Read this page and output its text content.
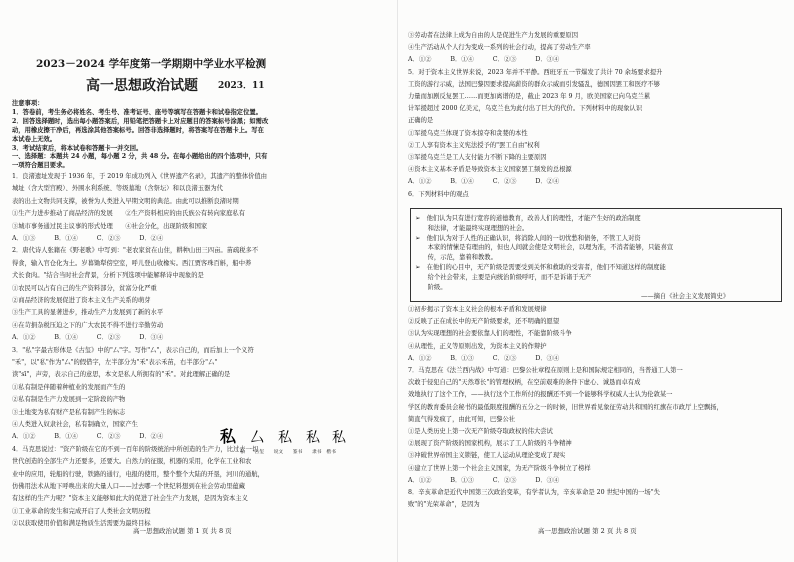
2023－2024 学年度第一学期期中学业水平检测
高一思想政治试题 2023．11
注意事项：
1．答卷前，考生务必将姓名、考生号、准考证号、座号等填写在答题卡和试卷指定位置。
2．回答选择题时，选出每小题答案后，用铅笔把答题卡上对应题目的答案标号涂黑；如需改
动，用橡皮擦干净后，再选涂其他答案标号。回答非选择题时，将答案写在答题卡上。写在
本试卷上无效。
3．考试结束后，将本试卷和答题卡一并交回。
一、选择题：本题共 24 小题，每小题 2 分，共 48 分。在每小题给出的四个选项中，只有
一项符合题目要求。
1．良渚遗址发现于 1936 年，于 2019 年成功列入《世界遗产名录》，其遗产的整体价值由
城址（含大型宫殿）、外围水利系统、等级墓地（含祭坛）和以良渚玉器为代
表的出土文物共同支撑，被誉为人类进入早期文明的典范。由此可以推断良渚时期
①生产力进步推动了商品经济的发展　　②生产资料相应的由氏族公有转向家庭私有
③城市事务通过民主议事的形式处理　　④社会分化，出现阶级和国家
A．①③　　　B．①④　　　C．②③　　　D．②④
2．唐代诗人张籍在《野老歌》中写到："老农家贫在山住，耕种山田三四亩。苗疏税多不
得食，输入官仓化为土。岁暮锄犁傍空室，呼儿登山收橡实。西江贾客珠百斛，船中养
犬长食肉。"结合当时社会背景，分析下列选项中能解释诗中现象的是
①农民可以占有自己的生产资料部分，贫富分化严重
②商品经济的发展促进了资本主义生产关系的萌芽
③生产工具的显著进步，推动生产力发展到了新的水平
④在苛捐杂税压迫之下的广大农民不得不进行辛勤劳动
A．①②　　　B．①④　　　C．②③　　　D．③④
3．"私"字最古形体是《古玺》中的"厶"字。写作"厶"，表示自己的，而后加上一个义符
"禾"，以"私"作为"厶"的假借字，左半部分为"禾"表示禾苗，右半部分"厶"
读"sī"，声旁，表示自己的意思，本文是私人所拥有的"禾"。对此理解正确的是
①私有制是伴随着种植业的发展而产生的
②私有制是生产力发展到一定阶段的产物
③土地变为私有财产是私有制产生的标志
④人类进入奴隶社会，私有制确立，国家产生
A．①②　　　B．①④　　　C．②③　　　D．②④
4．马克思说过："资产阶级在它的不到一百年的阶级统治中所创造的生产力，比过去一切
世代创造的全部生产力还要多，还要大。自然力的征服，机器的采用，化学在工业和农
业中的应用，轮船的行驶，铁路的通行，电报的使用，整个整个大陆的开垦，河川的通航，
仿佛用法术从地下呼唤出来的大量人口——过去哪一个世纪料想到在社会劳动里蕴藏
有这样的生产力呢？"资本主义能够如此大的促进了社会生产力发展，是因为资本主义
①工业革命的发生和完成开启了人类社会文明历程
②以获取使用价值和满足物质生活需要为最终目标
私 厶 私 私 私
私　　古玺　　说文　　篆书　　隶书　楷书
高一思想政治试题 第 1 页 共 8 页
③劳动者在法律上成为自由的人是促进生产力发展的重要原因
④生产活动从个人行为变成一系列的社会行动，提高了劳动生产率
A．①②　　　B．①④　　　C．②③　　　D．③④
5．对于资本主义世界来说，2023 年并不平静。西班牙五一节爆发了共计 70 余场要求提升
工资的游行示威，法国巴黎因要求提高薪资的群众示威而引发骚乱，德国因罢工和医疗不够
力量而加剧反复罢工……而更加离谱的是，截止 2023 年 9 月，欧美国家已向乌克兰累
计军援超过 2000 亿美元，乌克兰也为此付出了巨大的代价。下列材料中的现象认识
正确的是
①军援乌克兰体现了资本掠夺和贪婪的本性
②工人享有资本主义宪法授予的"罢工自由"权利
③军援乌克兰是工人支付能力不断下降的主要原因
④资本主义基本矛盾是导致资本主义国家罢工频发的总根源
A．①②　　　B．①④　　　C．②③　　　D．②④
6．下列材料中的观点
➢　他们认为只有进行宽容的道德教育，改善人们的理性，才能产生好的政治制度
　　和法律，才能最终实现理想的社会。
➢　他们认为对于人性的正确认识，将消除人间的一切忧愁和债务，不管工人对资
　　本家的情愫是有理由的，但也人间就会使是文明社会，以理为准，不消者能够，只能喜宣
　　传，示范，靠着和教教。
➢　在他们的心目中，无产阶级是需要受到关怀和救助的受害者，他们不知道这样的制度能
　　给个社会带来，主要是向统治阶级呼吁，而不是诉诸于无产
　　阶级。
——摘自《社会主义发展简史》
①初步揭示了资本主义社会的根本矛盾和发展规律
②反映了正在成长中的无产阶级要求，还不明确的愿望
③认为实现理想的社会要依靠人们的理性，不能靠阶级斗争
④从理性，正义等原则出发，为资本主义的作辩护
A．①②　　　B．①③　　　C．②③　　　D．③④
7．马克思在《法兰西内战》中写道：巴黎公社章程在原则上是和国际规定相同的，当普通工人第一
次敢于侵犯自己的"天然尊长"的管理权柄，在空前艰难的条件下虚心、诚恳而卓有成
效地执行了这个工作，——执行这个工作所付的报酬还不到一个能够科学权威人士认为伦敦某一
学区的教育委员会秘书的最低限度报酬的五分之一的时候，旧世界看见象征劳动共和国的红旗在市政厅上空飘扬，
简直气得发疯了，由此可知，巴黎公社
①是人类历史上第一次无产阶级夺取政权的伟大尝试
②展现了资产阶级的国家机构，展示了工人阶级的斗争精神
③冲破世界帝国主义锁链，使工人运动从理论变成了现实
④建立了世界上第一个社会主义国家，为无产阶级斗争树立了榜样
A．①②　　　B．①③　　　C．②③　　　D．③④
8．辛亥革命是近代中国第三次政治变革，有学者认为，辛亥革命是 20 世纪中国的一场"失
败"的"光荣革命"，是因为
高一思想政治试题 第 2 页 共 8 页
